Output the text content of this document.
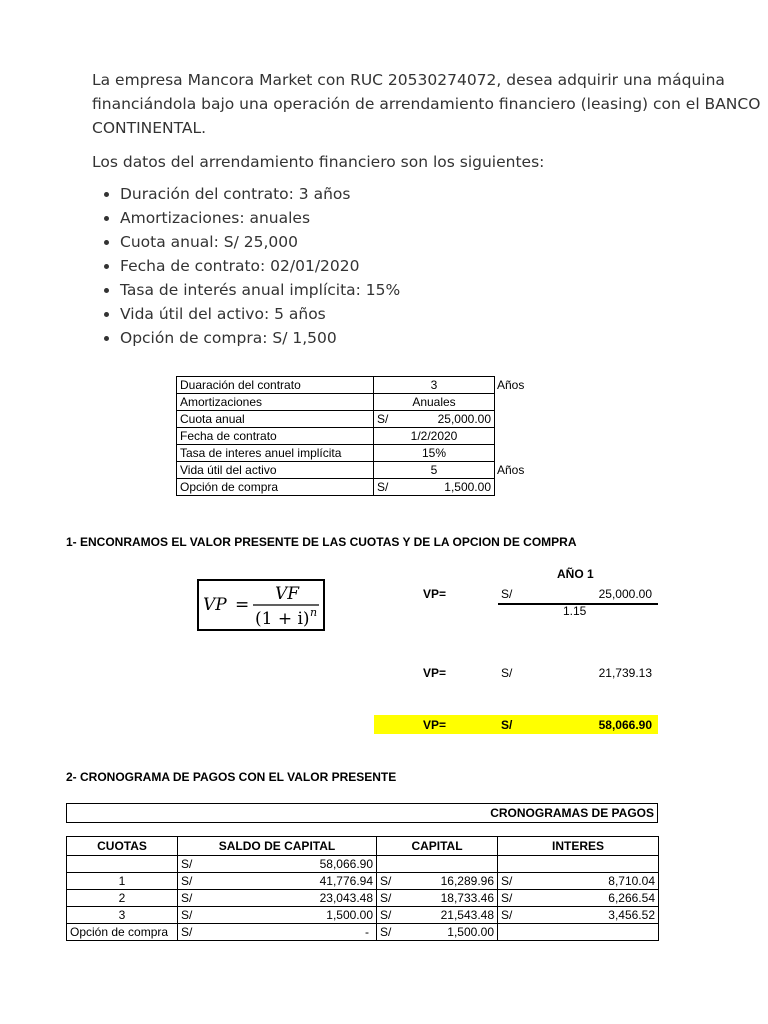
La empresa Mancora Market con RUC 20530274072, desea adquirir una máquina financiándola bajo una operación de arrendamiento financiero (leasing) con el BANCO CONTINENTAL.

Los datos del arrendamiento financiero son los siguientes:

• Duración del contrato: 3 años
• Amortizaciones: anuales
• Cuota anual: S/ 25,000
• Fecha de contrato: 02/01/2020
• Tasa de interés anual implícita: 15%
• Vida útil del activo: 5 años
• Opción de compra: S/ 1,500
Duaración del contrato	3	Años
Amortizaciones	Anuales	
Cuota anual	S/ 25,000.00	

Fecha de contrato	1/2/2020	
Tasa de interes anuel implícita	15%	
Vida útil del activo	5	Años
Opción de compra	S/ 1,500.00	

1- ENCONRAMOS EL VALOR PRESENTE DE LAS CUOTAS Y DE LA OPCION DE COMPRA
VP =
VF
(1 + i) n
AÑO 1
VP=	S/	25,000.00
1.15
VP=	S/	21,739.13
VP=	S/	58,066.90
2- CRONOGRAMA DE PAGOS CON EL VALOR PRESENTE
CRONOGRAMAS DE PAGOS
CUOTAS	SALDO DE CAPITAL	CAPITAL	INTERES

	S/ 58,066.90		

1	S/ 41,776.94	S/ 16,289.96	S/ 8,710.04

2	S/ 23,043.48	S/ 18,733.46	S/ 6,266.54

3	S/ 1,500.00	S/ 21,543.48	S/ 3,456.52

Opción de compra	S/ -	S/ 1,500.00	
